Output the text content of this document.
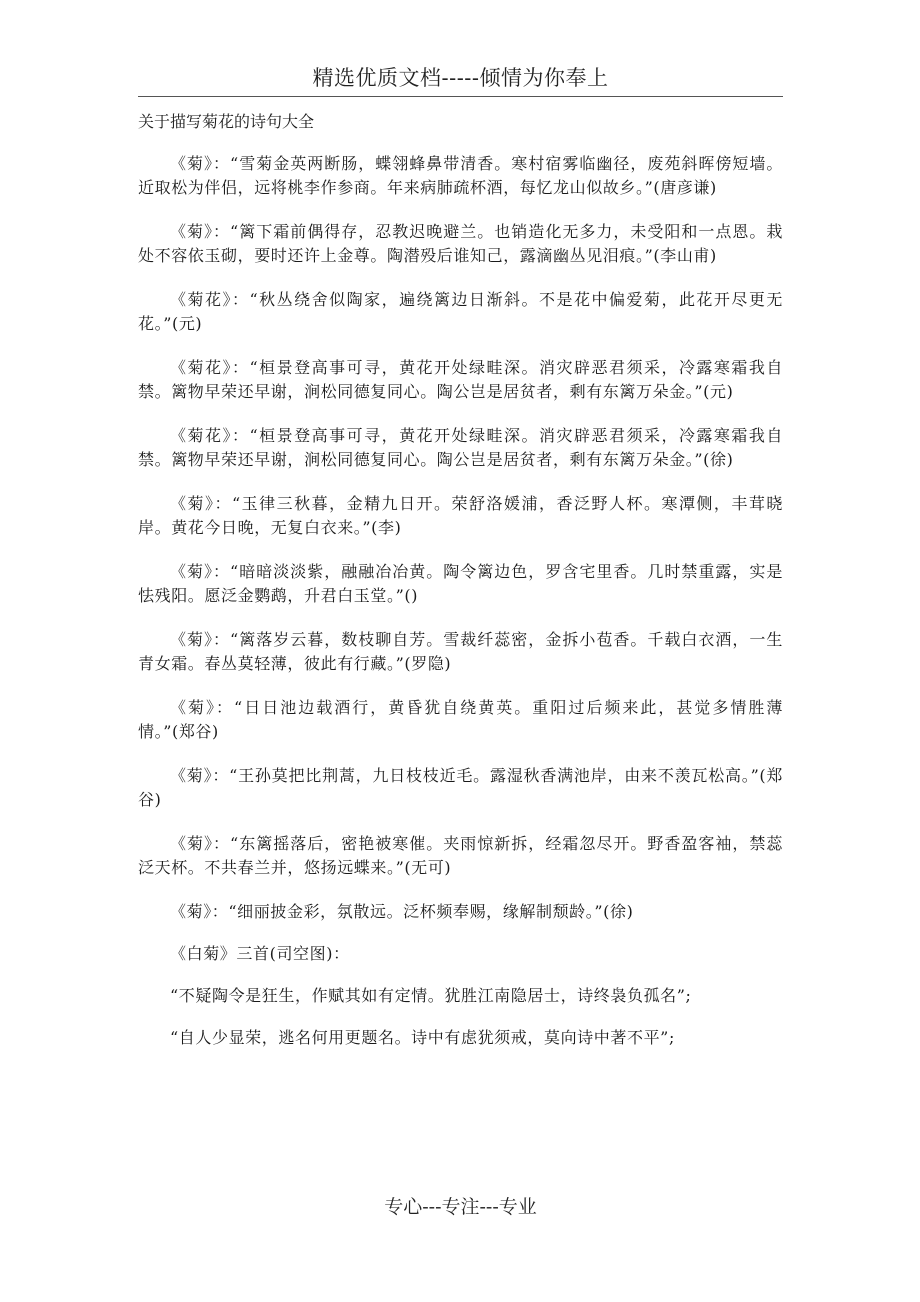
精选优质文档-----倾情为你奉上
关于描写菊花的诗句大全

《菊》：“雪菊金英两断肠，蝶翎蜂鼻带清香。寒村宿雾临幽径，废苑斜晖傍短墙。近取松为伴侣，远将桃李作参商。年来病肺疏杯酒，每忆龙山似故乡。”(唐彦谦)

《菊》：“篱下霜前偶得存，忍教迟晚避兰。也销造化无多力，未受阳和一点恩。栽处不容依玉砌，要时还许上金尊。陶潜殁后谁知己，露滴幽丛见泪痕。”(李山甫)

《菊花》：“秋丛绕舍似陶家，遍绕篱边日渐斜。不是花中偏爱菊，此花开尽更无花。”(元)

《菊花》：“桓景登高事可寻，黄花开处绿畦深。消灾辟恶君须采，冷露寒霜我自禁。篱物早荣还早谢，涧松同德复同心。陶公岂是居贫者，剩有东篱万朵金。”(元)

《菊花》：“桓景登高事可寻，黄花开处绿畦深。消灾辟恶君须采，冷露寒霜我自禁。篱物早荣还早谢，涧松同德复同心。陶公岂是居贫者，剩有东篱万朵金。”(徐)

《菊》：“玉律三秋暮，金精九日开。荣舒洛媛浦，香泛野人杯。寒潭侧，丰茸晓岸。黄花今日晚，无复白衣来。”(李)

《菊》：“暗暗淡淡紫，融融冶冶黄。陶令篱边色，罗含宅里香。几时禁重露，实是怯残阳。愿泛金鹦鹉，升君白玉堂。”()

《菊》：“篱落岁云暮，数枝聊自芳。雪裁纤蕊密，金拆小苞香。千载白衣酒，一生青女霜。春丛莫轻薄，彼此有行藏。”(罗隐)

《菊》：“日日池边载酒行，黄昏犹自绕黄英。重阳过后频来此，甚觉多情胜薄情。”(郑谷)

《菊》：“王孙莫把比荆蒿，九日枝枝近毛。露湿秋香满池岸，由来不羡瓦松高。”(郑谷)

《菊》：“东篱摇落后，密艳被寒催。夹雨惊新拆，经霜忽尽开。野香盈客袖，禁蕊泛天杯。不共春兰并，悠扬远蝶来。”(无可)

《菊》：“细丽披金彩，氛散远。泛杯频奉赐，缘解制颓龄。”(徐)

《白菊》三首(司空图)：

“不疑陶令是狂生，作赋其如有定情。犹胜江南隐居士，诗终袅负孤名”;

“自人少显荣，逃名何用更题名。诗中有虑犹须戒，莫向诗中著不平”;

专心---专注---专业
